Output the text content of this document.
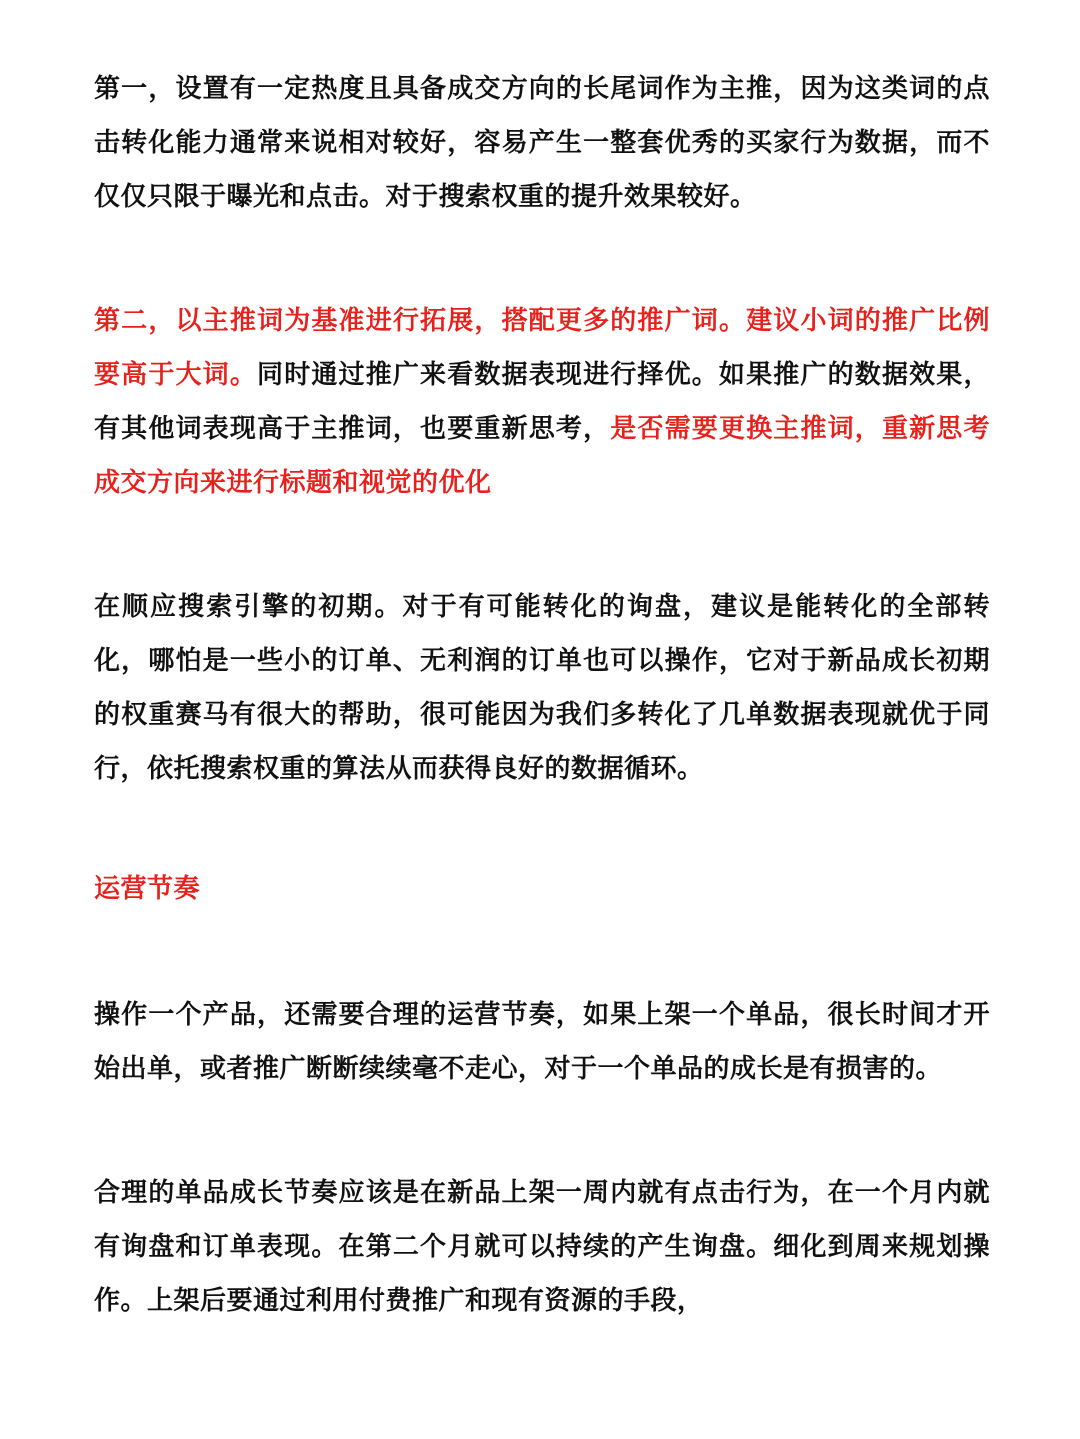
第一，设置有一定热度且具备成交方向的长尾词作为主推，因为这类词的点击转化能力通常来说相对较好，容易产生一整套优秀的买家行为数据，而不仅仅只限于曝光和点击。对于搜索权重的提升效果较好。

第二，以主推词为基准进行拓展，搭配更多的推广词。建议小词的推广比例要高于大词。同时通过推广来看数据表现进行择优。如果推广的数据效果，有其他词表现高于主推词，也要重新思考，是否需要更换主推词，重新思考成交方向来进行标题和视觉的优化

在顺应搜索引擎的初期。对于有可能转化的询盘，建议是能转化的全部转化，哪怕是一些小的订单、无利润的订单也可以操作，它对于新品成长初期的权重赛马有很大的帮助，很可能因为我们多转化了几单数据表现就优于同行，依托搜索权重的算法从而获得良好的数据循环。

运营节奏

操作一个产品，还需要合理的运营节奏，如果上架一个单品，很长时间才开始出单，或者推广断断续续毫不走心，对于一个单品的成长是有损害的。

合理的单品成长节奏应该是在新品上架一周内就有点击行为，在一个月内就有询盘和订单表现。在第二个月就可以持续的产生询盘。细化到周来规划操作。上架后要通过利用付费推广和现有资源的手段，
